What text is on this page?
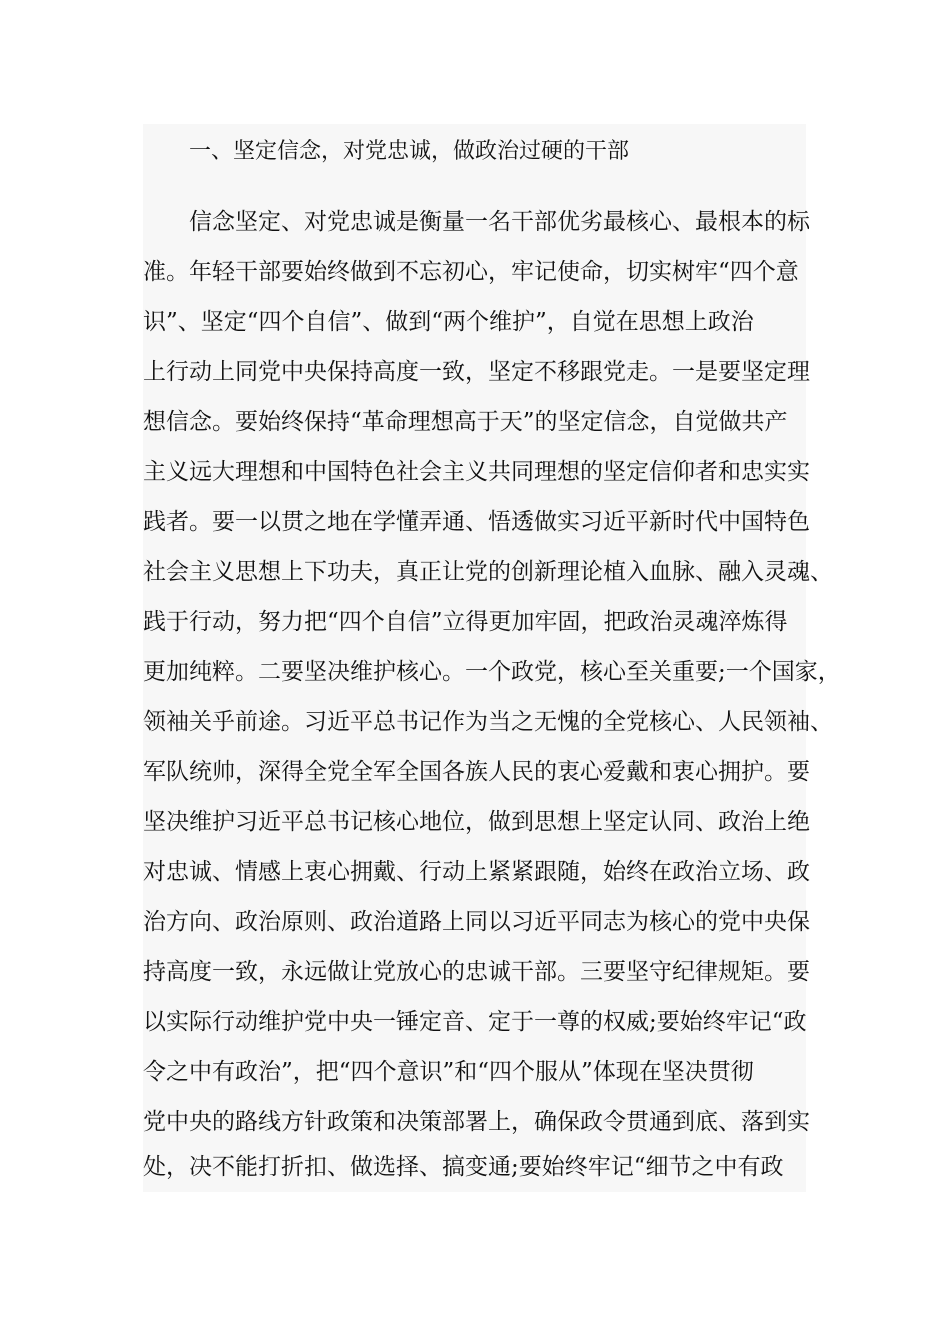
一、坚定信念，对党忠诚，做政治过硬的干部
信念坚定、对党忠诚是衡量一名干部优劣最核心、最根本的标
准。年轻干部要始终做到不忘初心，牢记使命，切实树牢“四个意
识”、坚定“四个自信”、做到“两个维护”，自觉在思想上政治
上行动上同党中央保持高度一致，坚定不移跟党走。一是要坚定理
想信念。要始终保持“革命理想高于天”的坚定信念，自觉做共产
主义远大理想和中国特色社会主义共同理想的坚定信仰者和忠实实
践者。要一以贯之地在学懂弄通、悟透做实习近平新时代中国特色
社会主义思想上下功夫，真正让党的创新理论植入血脉、融入灵魂、
践于行动，努力把“四个自信”立得更加牢固，把政治灵魂淬炼得
更加纯粹。二要坚决维护核心。一个政党，核心至关重要;一个国家，
领袖关乎前途。习近平总书记作为当之无愧的全党核心、人民领袖、
军队统帅，深得全党全军全国各族人民的衷心爱戴和衷心拥护。要
坚决维护习近平总书记核心地位，做到思想上坚定认同、政治上绝
对忠诚、情感上衷心拥戴、行动上紧紧跟随，始终在政治立场、政
治方向、政治原则、政治道路上同以习近平同志为核心的党中央保
持高度一致，永远做让党放心的忠诚干部。三要坚守纪律规矩。要
以实际行动维护党中央一锤定音、定于一尊的权威;要始终牢记“政
令之中有政治”，把“四个意识”和“四个服从”体现在坚决贯彻
党中央的路线方针政策和决策部署上，确保政令贯通到底、落到实
处，决不能打折扣、做选择、搞变通;要始终牢记“细节之中有政
